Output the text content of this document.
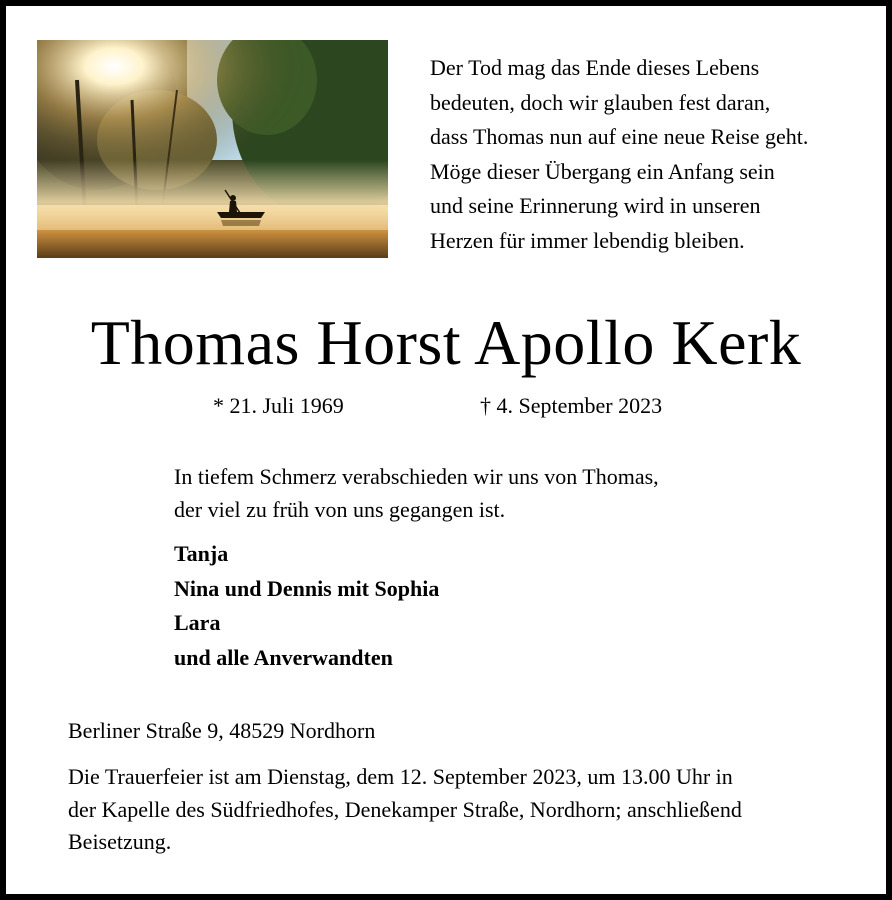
Der Tod mag das Ende dieses Lebens
bedeuten, doch wir glauben fest daran,
dass Thomas nun auf eine neue Reise geht.
Möge dieser Übergang ein Anfang sein
und seine Erinnerung wird in unseren
Herzen für immer lebendig bleiben.

Thomas Horst Apollo Kerk

* 21. Juli 1969	† 4. September 2023

In tiefem Schmerz verabschieden wir uns von Thomas,
der viel zu früh von uns gegangen ist.

Tanja
Nina und Dennis mit Sophia
Lara
und alle Anverwandten

Berliner Straße 9, 48529 Nordhorn

Die Trauerfeier ist am Dienstag, dem 12. September 2023, um 13.00 Uhr in
der Kapelle des Südfriedhofes, Denekamper Straße, Nordhorn; anschließend
Beisetzung.
